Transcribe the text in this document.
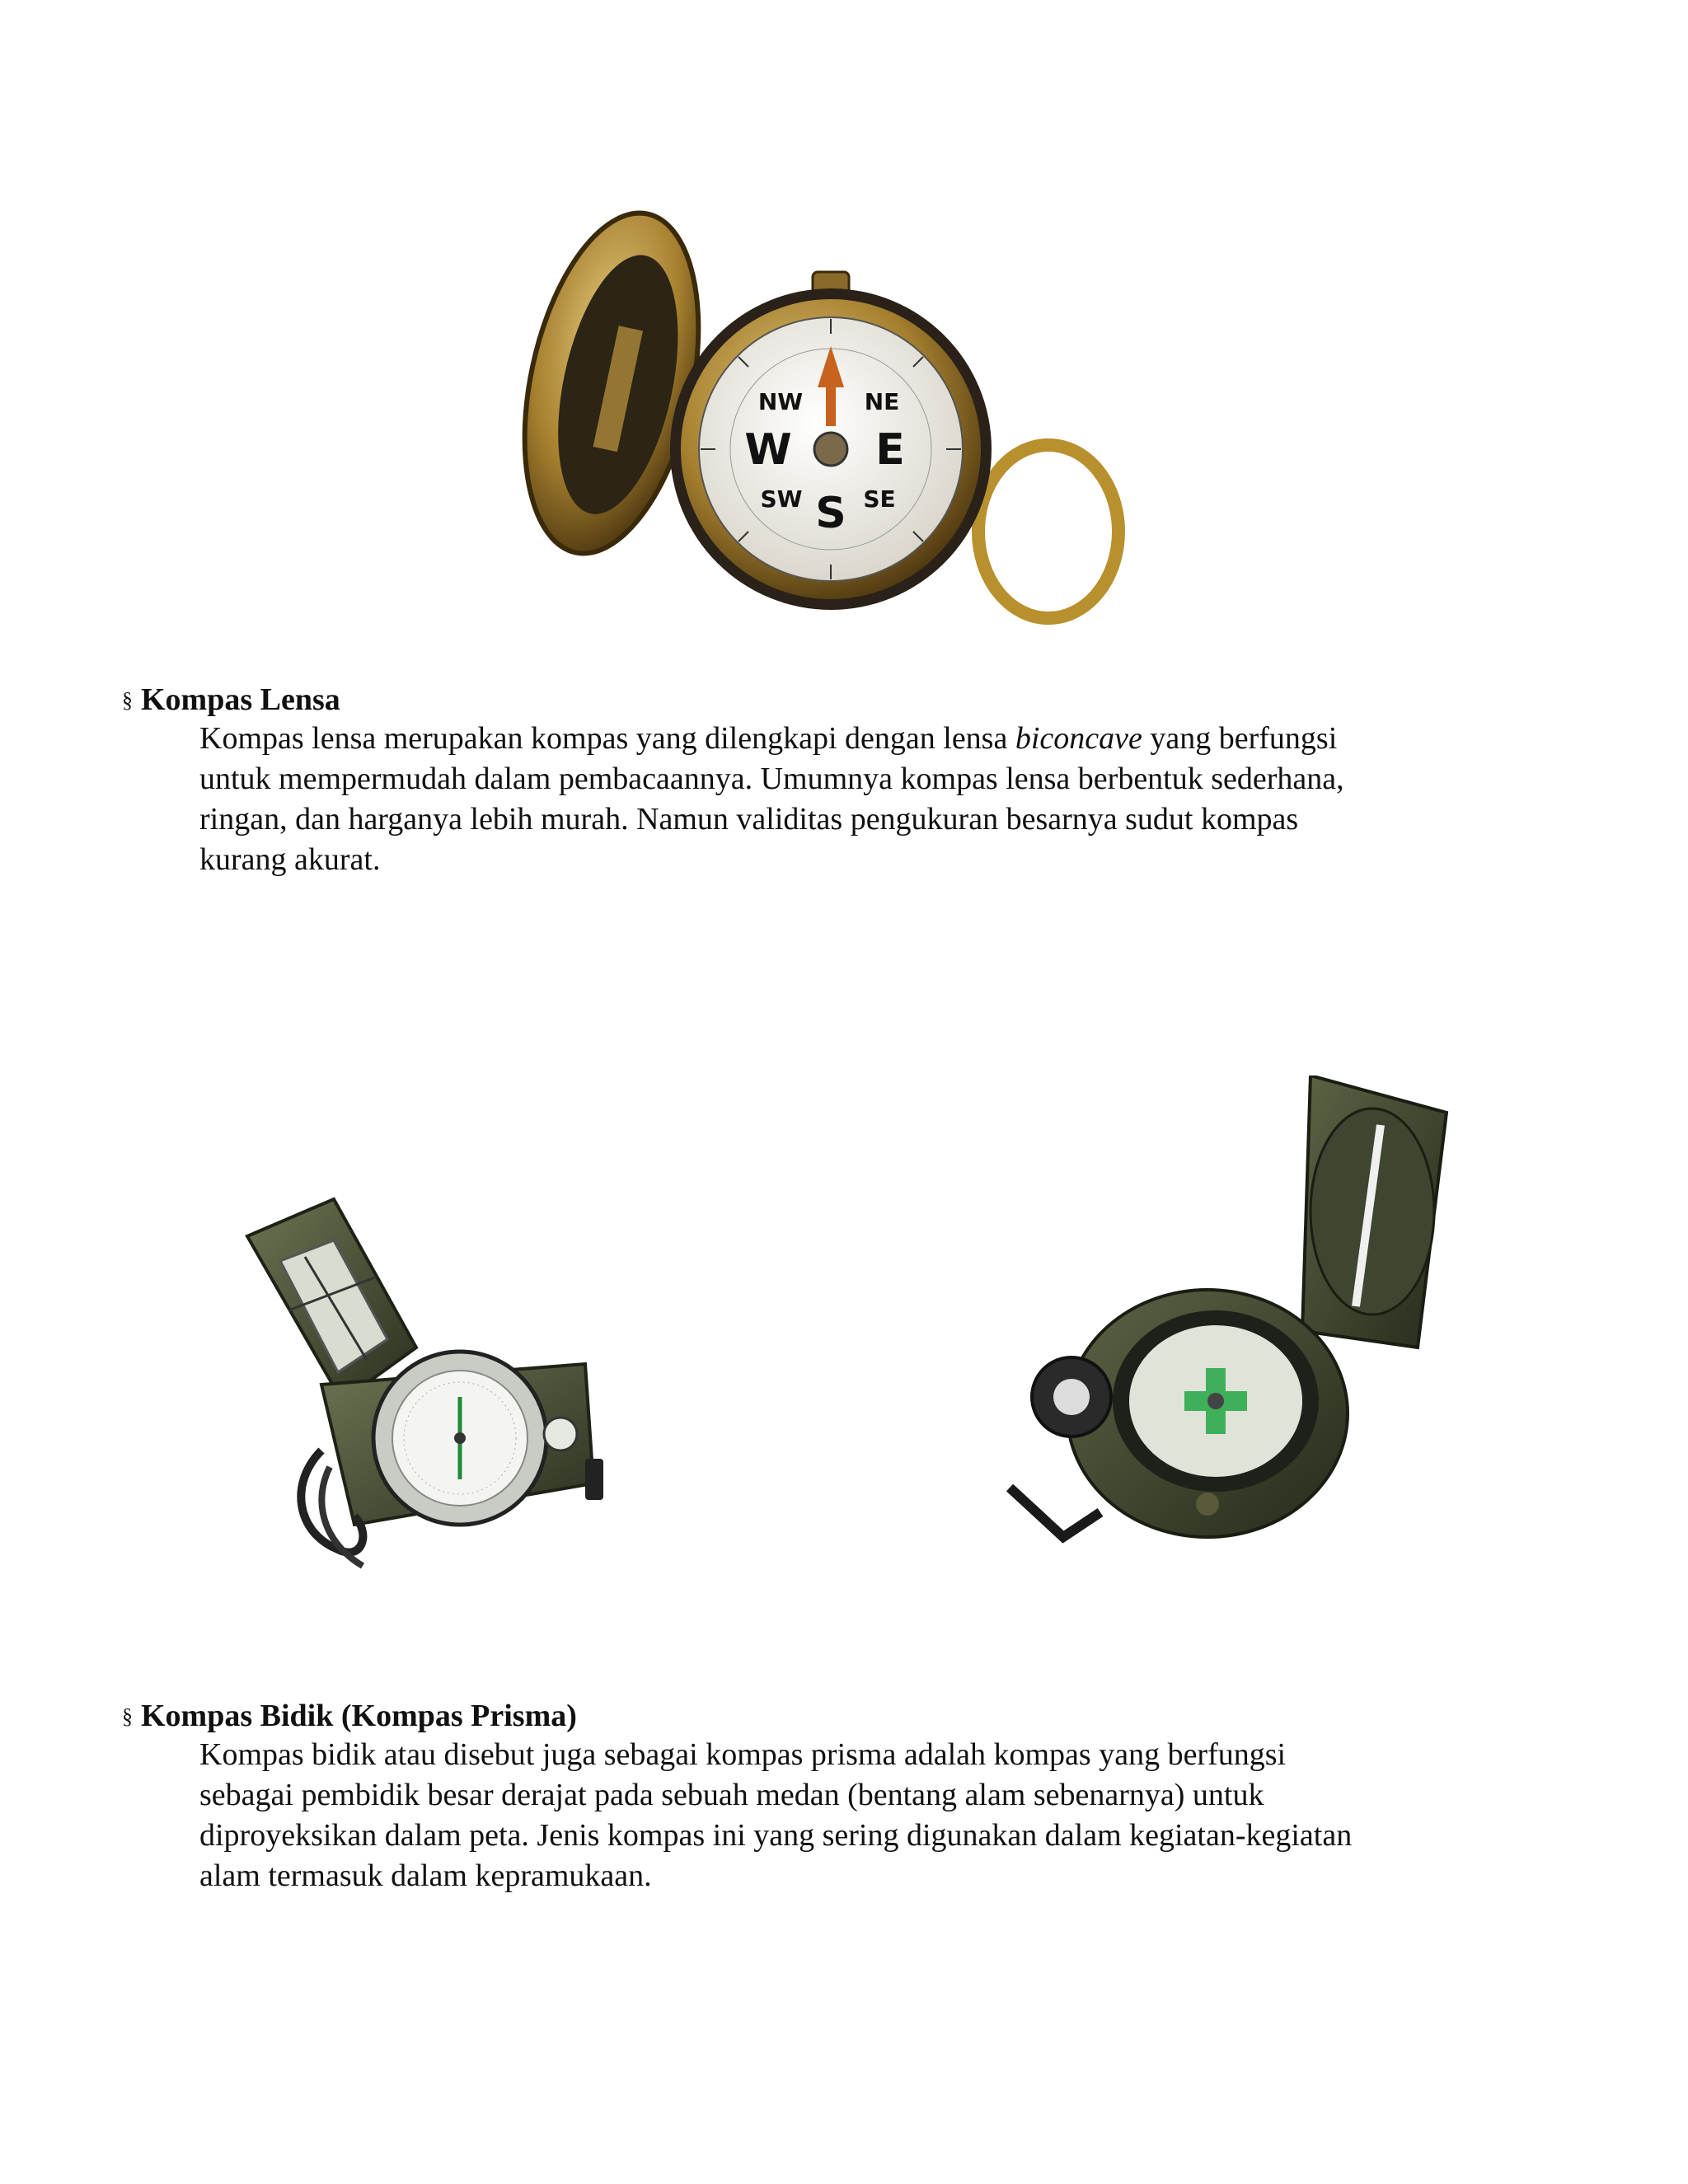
E
S
W
NE
SE
SW
NW
§ Kompas Lensa

Kompas lensa merupakan kompas yang dilengkapi dengan lensa biconcave yang berfungsi
untuk mempermudah dalam pembacaannya. Umumnya kompas lensa berbentuk sederhana,
ringan, dan harganya lebih murah. Namun validitas pengukuran besarnya sudut kompas
kurang akurat.

§ Kompas Bidik (Kompas Prisma)

Kompas bidik atau disebut juga sebagai kompas prisma adalah kompas yang berfungsi
sebagai pembidik besar derajat pada sebuah medan (bentang alam sebenarnya) untuk
diproyeksikan dalam peta. Jenis kompas ini yang sering digunakan dalam kegiatan-kegiatan
alam termasuk dalam kepramukaan.
